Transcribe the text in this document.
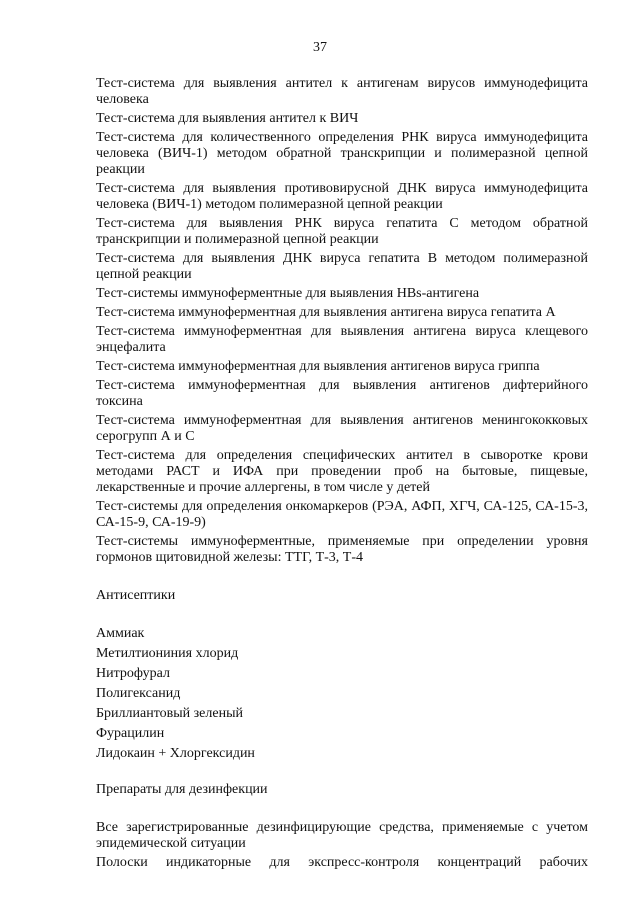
37

Тест-система для выявления антител к антигенам вирусов иммунодефицита человека

Тест-система для выявления антител к ВИЧ

Тест-система для количественного определения РНК вируса иммунодефицита человека (ВИЧ-1) методом обратной транскрипции и полимеразной цепной реакции

Тест-система для выявления противовирусной ДНК вируса иммунодефицита человека (ВИЧ-1) методом полимеразной цепной реакции

Тест-система для выявления РНК вируса гепатита С методом обратной транскрипции и полимеразной цепной реакции

Тест-система для выявления ДНК вируса гепатита В методом полимеразной цепной реакции

Тест-системы иммуноферментные для выявления HBs-антигена

Тест-система иммуноферментная для выявления антигена вируса гепатита А

Тест-система иммуноферментная для выявления антигена вируса клещевого энцефалита

Тест-система иммуноферментная для выявления антигенов вируса гриппа

Тест-система иммуноферментная для выявления антигенов дифтерийного токсина

Тест-система иммуноферментная для выявления антигенов менингококковых серогрупп А и С

Тест-система для определения специфических антител в сыворотке крови методами РАСТ и ИФА при проведении проб на бытовые, пищевые, лекарственные и прочие аллергены, в том числе у детей

Тест-системы для определения онкомаркеров (РЭА, АФП, ХГЧ, СА-125, СА-15-3, СА-15-9, СА-19-9)

Тест-системы иммуноферментные, применяемые при определении уровня гормонов щитовидной железы: ТТГ, Т-3, Т-4

Антисептики

Аммиак

Метилтиониния хлорид

Нитрофурал

Полигексанид

Бриллиантовый зеленый

Фурацилин

Лидокаин + Хлоргексидин

Препараты для дезинфекции

Все зарегистрированные дезинфицирующие средства, применяемые с учетом эпидемической ситуации

Полоски индикаторные для экспресс-контроля концентраций рабочих
